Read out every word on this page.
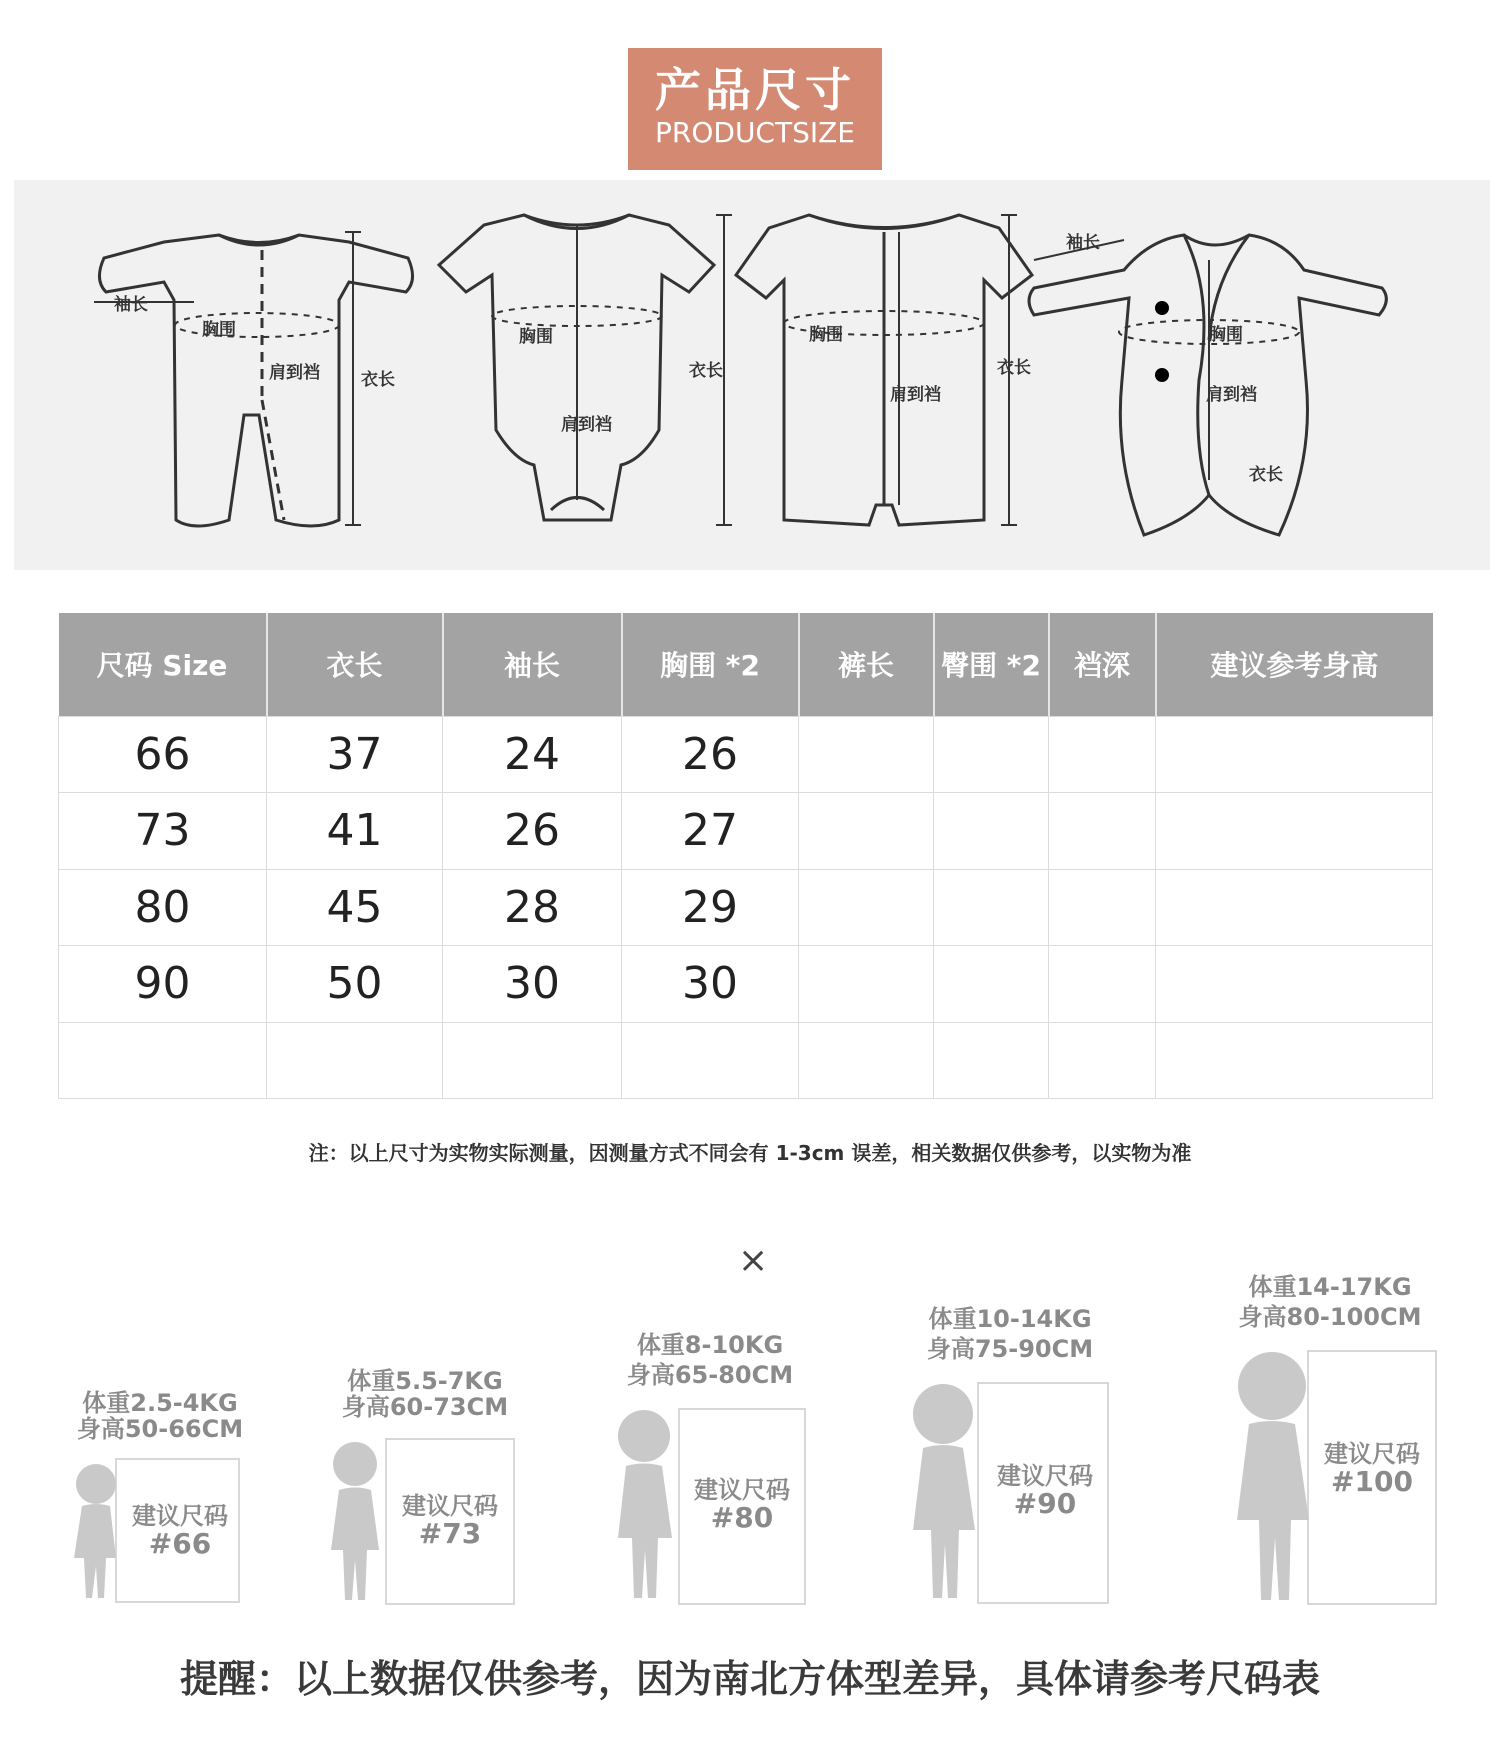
产品尺寸
PRODUCTSIZE
袖长
胸围
肩到裆 衣长
胸围
肩到裆
衣长
胸围
肩到裆
衣长
袖长
胸围
肩到裆
衣长
尺码 Size	衣长	袖长	胸围 *2	裤长	臀围 *2	裆深	建议参考身高
66	37	24	26				
73	41	26	27				
80	45	28	29				
90	50	30	30				

注：以上尺寸为实物实际测量，因测量方式不同会有 1-3cm 误差，相关数据仅供参考，以实物为准
×
体重2.5-4KG
身高50-66CM
建议尺码
#66
体重5.5-7KG
身高60-73CM
建议尺码
#73
体重8-10KG
身高65-80CM
建议尺码
#80
体重10-14KG
身高75-90CM
建议尺码
#90
体重14-17KG
身高80-100CM
建议尺码
#100
提醒：以上数据仅供参考，因为南北方体型差异，具体请参考尺码表
